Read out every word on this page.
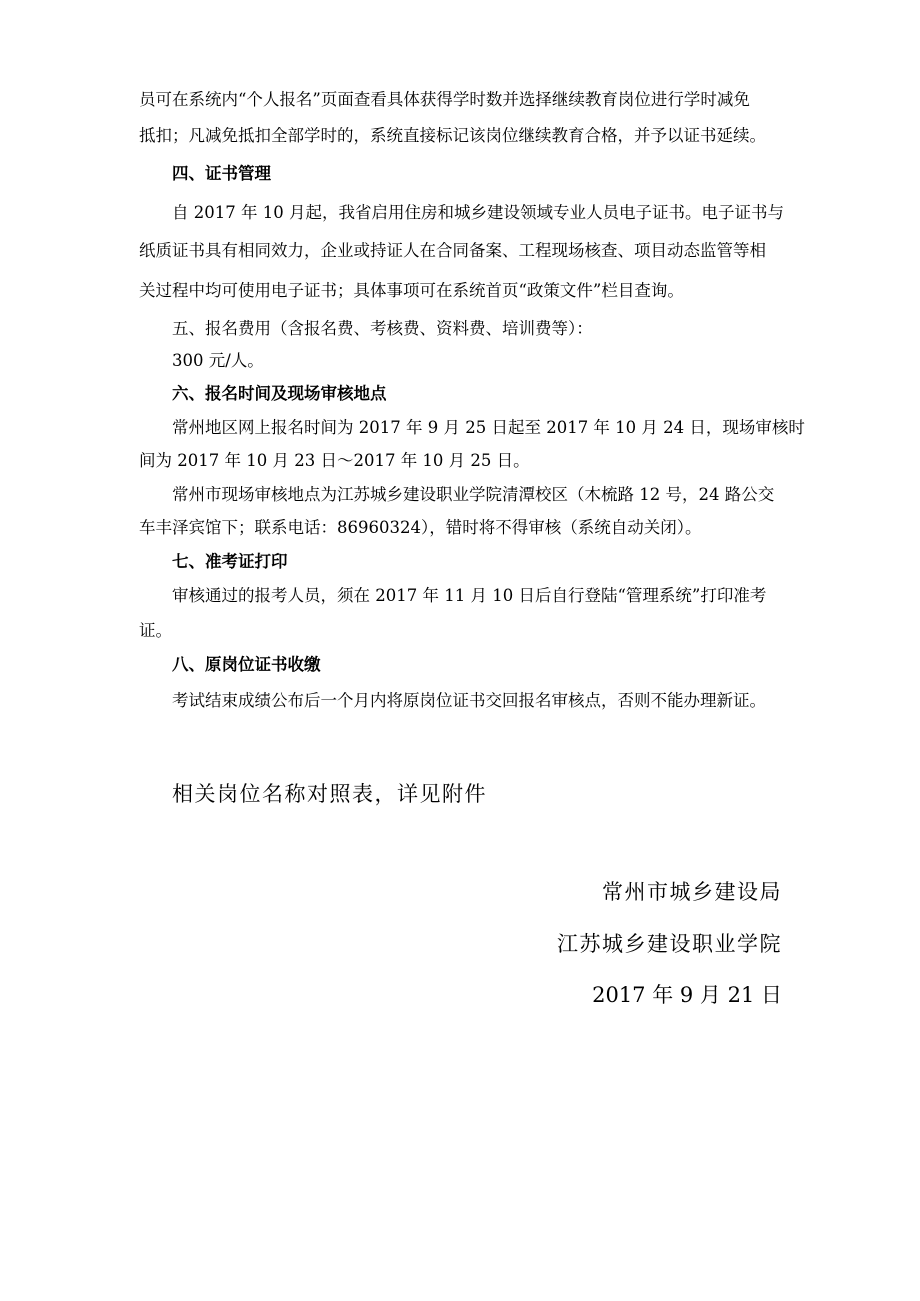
员可在系统内“个人报名”页面查看具体获得学时数并选择继续教育岗位进行学时减免
抵扣；凡减免抵扣全部学时的，系统直接标记该岗位继续教育合格，并予以证书延续。
四、证书管理
自 2017 年 10 月起，我省启用住房和城乡建设领域专业人员电子证书。电子证书与
纸质证书具有相同效力，企业或持证人在合同备案、工程现场核查、项目动态监管等相
关过程中均可使用电子证书；具体事项可在系统首页“政策文件”栏目查询。
五、报名费用（含报名费、考核费、资料费、培训费等）：
300 元/人。
六、报名时间及现场审核地点
常州地区网上报名时间为 2017 年 9 月 25 日起至 2017 年 10 月 24 日，现场审核时
间为 2017 年 10 月 23 日～2017 年 10 月 25 日。
常州市现场审核地点为江苏城乡建设职业学院清潭校区（木梳路 12 号，24 路公交
车丰泽宾馆下；联系电话：86960324），错时将不得审核（系统自动关闭）。
七、准考证打印
审核通过的报考人员，须在 2017 年 11 月 10 日后自行登陆“管理系统”打印准考
证。
八、原岗位证书收缴
考试结束成绩公布后一个月内将原岗位证书交回报名审核点，否则不能办理新证。
相关岗位名称对照表，详见附件
常州市城乡建设局
江苏城乡建设职业学院
2017 年 9 月 21 日
